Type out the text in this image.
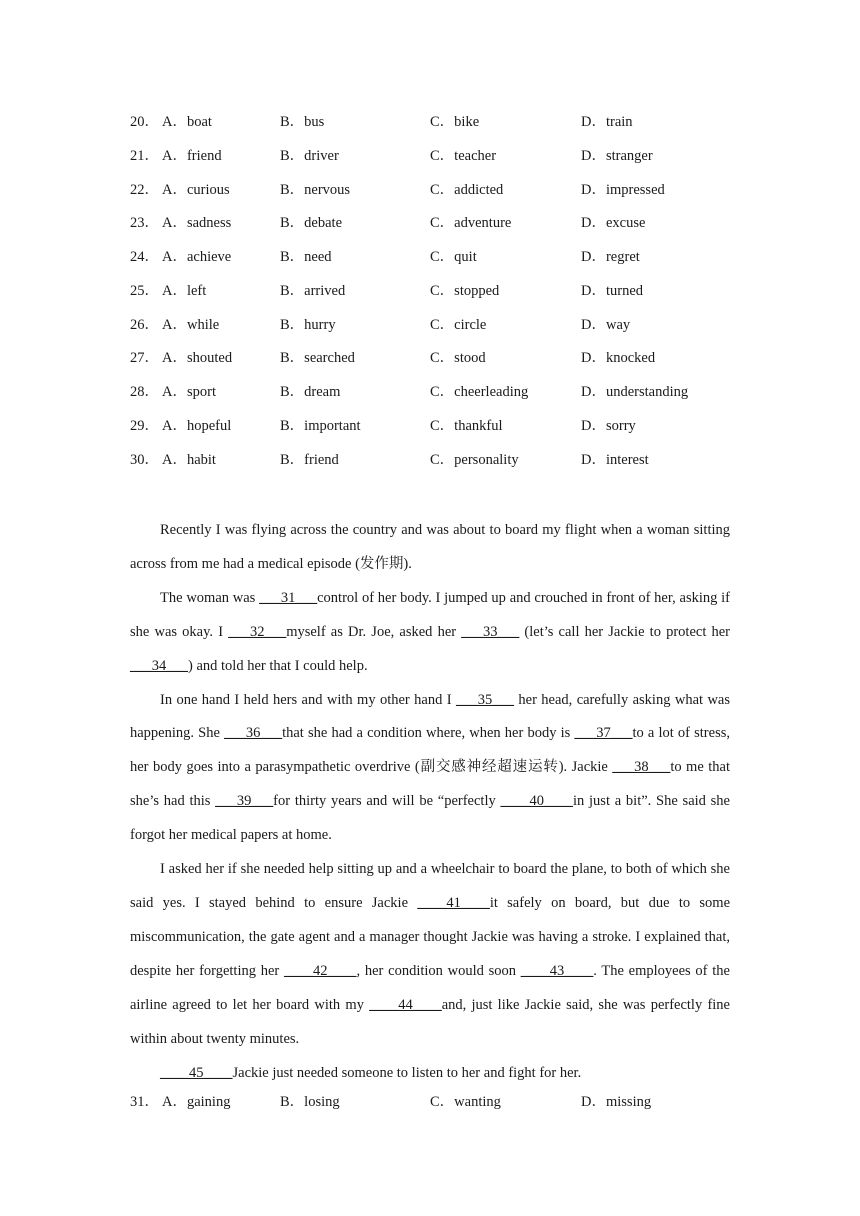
20． A．boat	B．bus	C．bike	D．train
21． A．friend	B．driver	C．teacher	D．stranger
22． A．curious	B．nervous	C．addicted	D．impressed
23． A．sadness	B．debate	C．adventure	D．excuse
24． A．achieve	B．need	C．quit	D．regret
25． A．left	B．arrived	C．stopped	D．turned
26． A．while	B．hurry	C．circle	D．way
27． A．shouted	B．searched	C．stood	D．knocked
28． A．sport	B．dream	C．cheerleading	D．understanding
29． A．hopeful	B．important	C．thankful	D．sorry
30． A．habit	B．friend	C．personality	D．interest

Recently I was flying across the country and was about to board my flight when a woman sitting across from me had a medical episode (发作期).

The woman was ___31___control of her body. I jumped up and crouched in front of her, asking if she was okay. I ___32___myself as Dr. Joe, asked her ___33___ (let’s call her Jackie to protect her ___34___) and told her that I could help.

In one hand I held hers and with my other hand I ___35___ her head, carefully asking what was happening. She ___36___that she had a condition where, when her body is ___37___to a lot of stress, her body goes into a parasympathetic overdrive (副交感神经超速运转). Jackie ___38___to me that she’s had this ___39___for thirty years and will be “perfectly ____40____in just a bit”. She said she forgot her medical papers at home.

I asked her if she needed help sitting up and a wheelchair to board the plane, to both of which she said yes. I stayed behind to ensure Jackie ____41____it safely on board, but due to some miscommunication, the gate agent and a manager thought Jackie was having a stroke. I explained that, despite her forgetting her ____42____, her condition would soon ____43____. The employees of the airline agreed to let her board with my ____44____and, just like Jackie said, she was perfectly fine within about twenty minutes.

____45____Jackie just needed someone to listen to her and fight for her.

31． A．gaining	B．losing	C．wanting	D．missing
